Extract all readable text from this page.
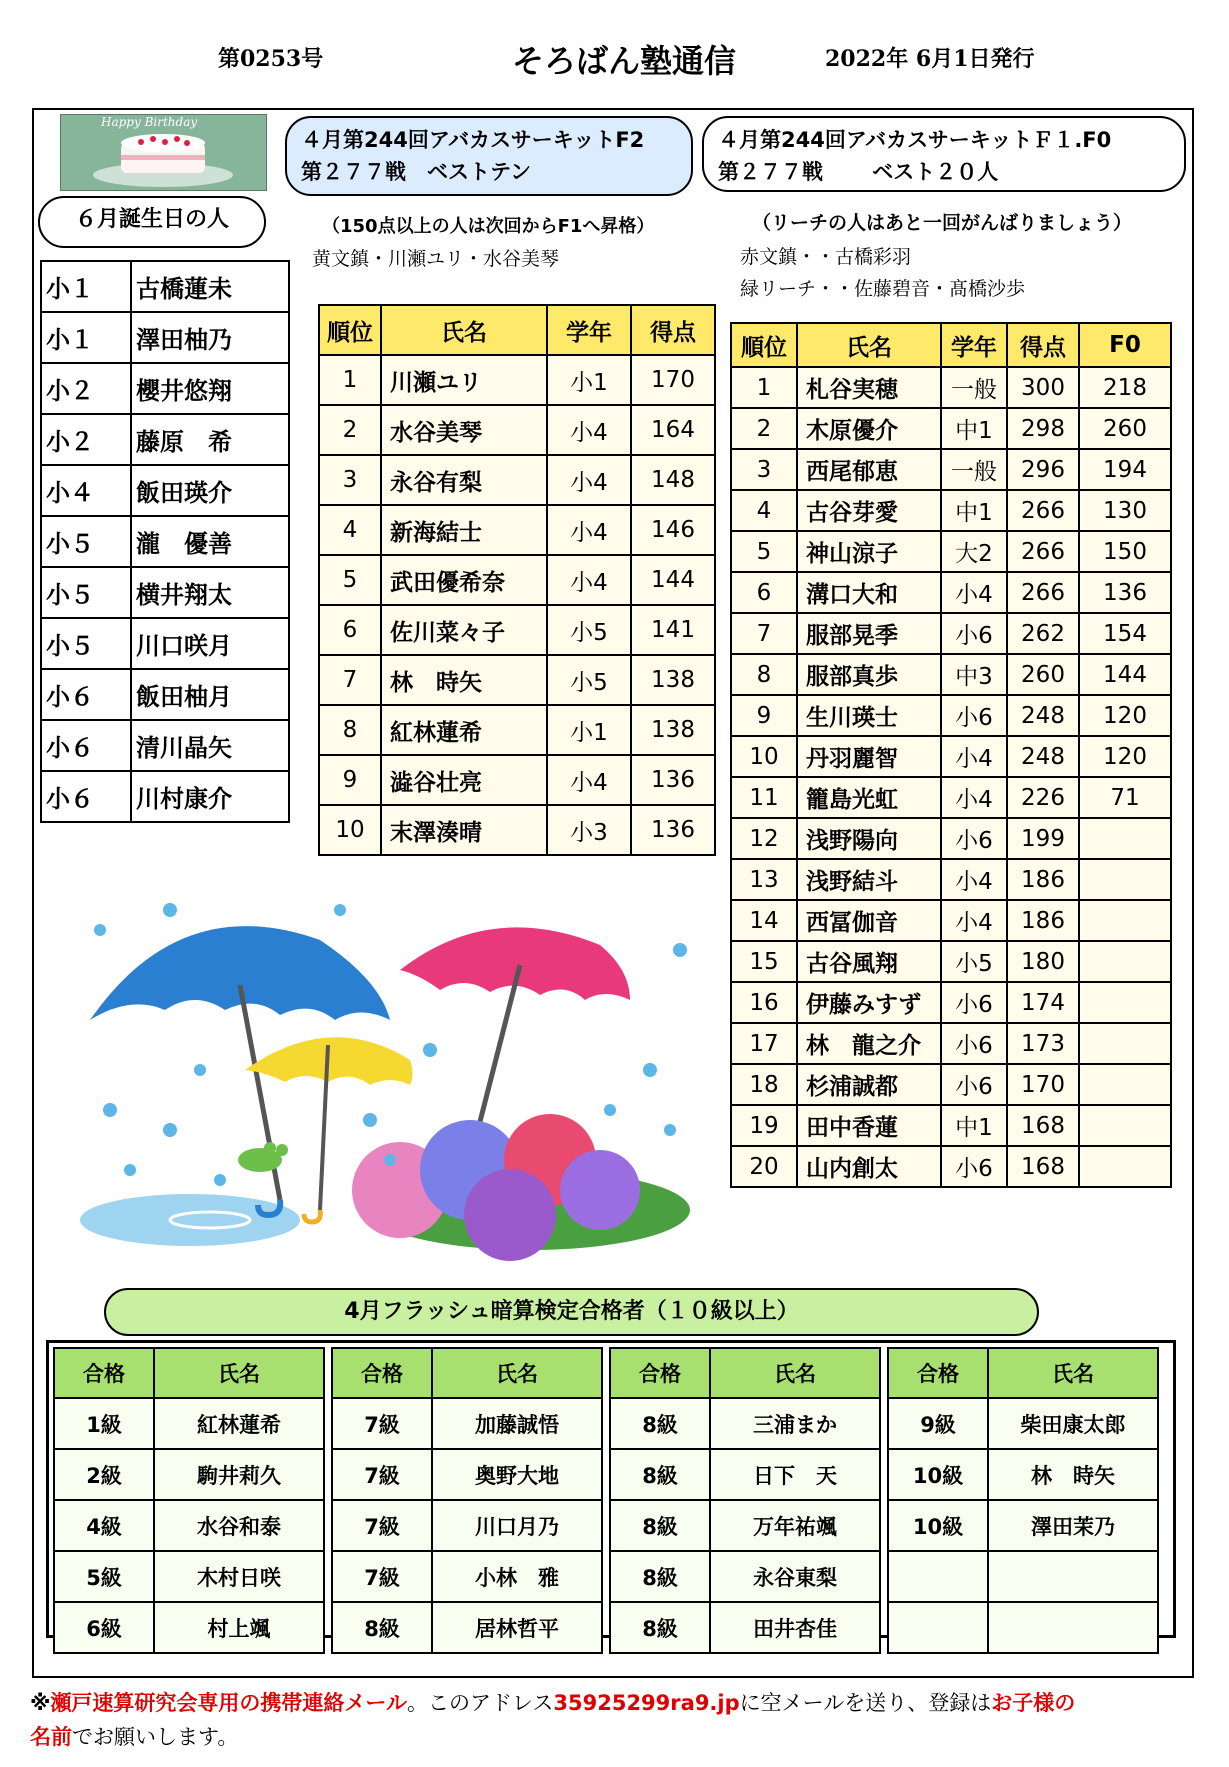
第0253号	そろばん塾通信	2022年 6月1日発行
Happy Birthday
６月誕生日の人
小１	古橋蓮未
小１	澤田柚乃
小２	櫻井悠翔
小２	藤原　希
小４	飯田瑛介
小５	瀧　優善
小５	横井翔太
小５	川口咲月
小６	飯田柚月
小６	清川晶矢
小６	川村康介
４月第244回アバカスサーキットF2
第２７７戦　ベストテン
（150点以上の人は次回からF1へ昇格）
黄文鎮・川瀬ユリ・水谷美琴
順位	氏名	学年	得点
1	川瀬ユリ	小1	170
2	水谷美琴	小4	164
3	永谷有梨	小4	148
4	新海結士	小4	146
5	武田優希奈	小4	144
6	佐川菜々子	小5	141
7	林　時矢	小5	138
8	紅林蓮希	小1	138
9	澁谷壮亮	小4	136
10	末澤湊晴	小3	136
４月第244回アバカスサーキットＦ１.F0
第２７７戦　　 ベスト２０人
（リーチの人はあと一回がんばりましょう）
赤文鎮・・古橋彩羽
緑リーチ・・佐藤碧音・髙橋沙歩
順位	氏名	学年	得点	F0
1	札谷実穂	一般	300	218
2	木原優介	中1	298	260
3	西尾郁恵	一般	296	194
4	古谷芽愛	中1	266	130
5	神山涼子	大2	266	150
6	溝口大和	小4	266	136
7	服部晃季	小6	262	154
8	服部真歩	中3	260	144
9	生川瑛士	小6	248	120
10	丹羽麗智	小4	248	120
11	籠島光虹	小4	226	71
12	浅野陽向	小6	199	
13	浅野結斗	小4	186	
14	西冨伽音	小4	186	
15	古谷風翔	小5	180	
16	伊藤みすず	小6	174	
17	林　龍之介	小6	173	
18	杉浦誠都	小6	170	
19	田中香蓮	中1	168	
20	山内創太	小6	168	
4月フラッシュ暗算検定合格者（１０級以上）
合格	氏名
1級	紅林蓮希
2級	駒井莉久
4級	水谷和泰
5級	木村日咲
6級	村上颯
合格	氏名
7級	加藤誠悟
7級	奥野大地
7級	川口月乃
7級	小林　雅
8級	居林哲平
合格	氏名
8級	三浦まか
8級	日下　天
8級	万年祐颯
8級	永谷東梨
8級	田井杏佳
合格	氏名
9級	柴田康太郎
10級	林　時矢
10級	澤田茉乃

※瀬戸速算研究会専用の携帯連絡メール。このアドレス35925299ra9.jpに空メールを送り、登録はお子様の
名前でお願いします。
